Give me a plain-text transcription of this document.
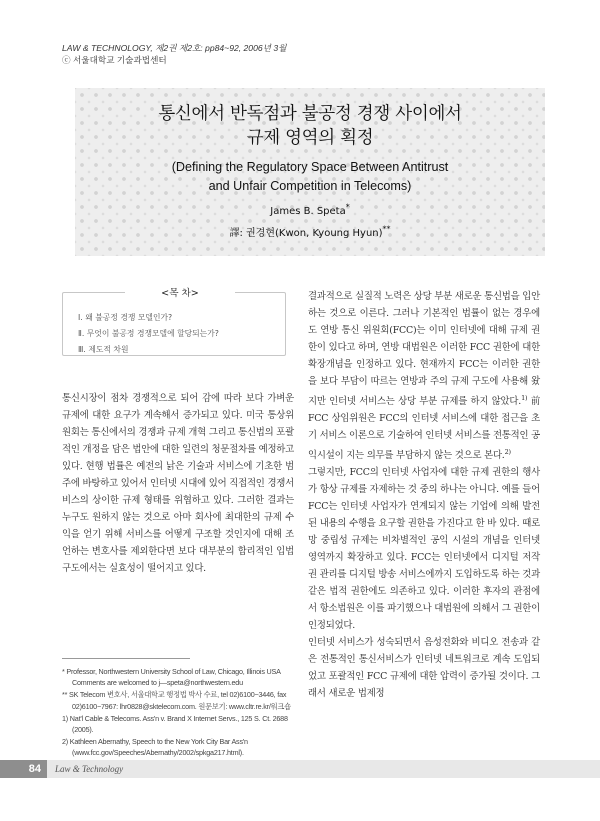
LAW & TECHNOLOGY, 제2권 제2호: pp84~92, 2006년 3월
ⓒ 서울대학교 기술과법센터
통신에서 반독점과 불공정 경쟁 사이에서
규제 영역의 획정
(Defining the Regulatory Space Between Antitrust
and Unfair Competition in Telecoms)
James B. Speta*
譯: 권경현(Kwon, Kyoung Hyun)**
<목 차>
Ⅰ. 왜 불공정 경쟁 모델인가?
Ⅱ. 무엇이 불공정 경쟁모델에 할당되는가?
Ⅲ. 제도적 차원

통신시장이 점차 경쟁적으로 되어 감에 따라 보다 가벼운 규제에 대한 요구가 계속해서 증가되고 있다. 미국 통상위원회는 통신에서의 경쟁과 규제 개혁 그리고 통신법의 포괄적인 개정을 담은 법안에 대한 일련의 청문절차를 예정하고 있다. 현행 법률은 예전의 낡은 기술과 서비스에 기초한 범주에 바탕하고 있어서 인터넷 시대에 있어 직접적인 경쟁서비스의 상이한 규제 형태를 위협하고 있다. 그러한 결과는 누구도 원하지 않는 것으로 아마 회사에 최대한의 규제 수익을 얻기 위해 서비스를 어떻게 구조할 것인지에 대해 조언하는 변호사를 제외한다면 보다 대부분의 합리적인 입법 구도에서는 실효성이 떨어지고 있다.

결과적으로 실질적 노력은 상당 부분 새로운 통신법을 입안하는 것으로 이른다. 그러나 기본적인 법률이 없는 경우에도 연방 통신 위원회(FCC)는 이미 인터넷에 대해 규제 권한이 있다고 하며, 연방 대법원은 이러한 FCC 권한에 대한 확장개념을 인정하고 있다. 현재까지 FCC는 이러한 권한을 보다 부담이 따르는 연방과 주의 규제 구도에 사용해 왔지만 인터넷 서비스는 상당 부분 규제를 하지 않았다.$^{1)}$ 前 FCC 상임위원은 FCC의 인터넷 서비스에 대한 접근을 초기 서비스 이론으로 기술하여 인터넷 서비스를 전통적인 공익시설이 지는 의무를 부담하지 않는 것으로 본다.$^{2)}$

그렇지만, FCC의 인터넷 사업자에 대한 규제 권한의 행사가 항상 규제를 자제하는 것 중의 하나는 아니다. 예를 들어 FCC는 인터넷 사업자가 연계되지 않는 기업에 의해 발전된 내용의 수행을 요구할 권한을 가진다고 한 바 있다. 때로 망 중립성 규제는 비차별적인 공익 시설의 개념을 인터넷 영역까지 확장하고 있다. FCC는 인터넷에서 디지털 저작권 관리를 디지털 방송 서비스에까지 도입하도록 하는 것과 같은 법적 권한에도 의존하고 있다. 이러한 후자의 관점에서 항소법원은 이를 파기했으나 대법원에 의해서 그 권한이 인정되었다.

인터넷 서비스가 성숙되면서 음성전화와 비디오 전송과 같은 전통적인 통신서비스가 인터넷 네트워크로 계속 도입되었고 포괄적인 FCC 규제에 대한 압력이 증가될 것이다. 그래서 새로운 법제정

* Professor, Northwestern University School of Law, Chicago, Illinois USA Comments are welcomed to j—speta@northwestern.edu

** SK Telecom 변호사, 서울대학교 행정법 박사 수료, tel 02)6100−3446, fax 02)6100−7967: lhr0828@sktelecom.com. 원문보기: www.cltr.re.kr/워크숍

1) Nat'l Cable & Telecoms. Ass'n v. Brand X Internet Servs., 125 S. Ct. 2688 (2005).

2) Kathleen Abernathy, Speech to the New York City Bar Ass'n (www.fcc.gov/Speeches/Abernathy/2002/spkga217.html).

84	Law & Technology
